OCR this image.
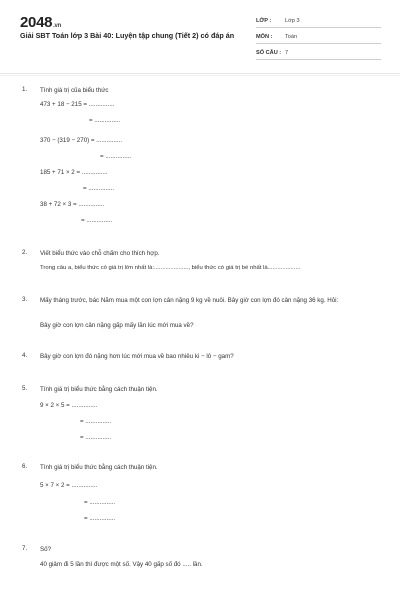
2048.vn
Giải SBT Toán lớp 3 Bài 40: Luyện tập chung (Tiết 2) có đáp án
LỚP : Lớp 3
MÔN : Toán
SỐ CÂU : 7
1. Tính giá trị của biểu thức
473 + 18 − 215 = ...............
= ...............
370 − (319 − 270) = ...............
= ...............
185 + 71 × 2 = ...............
= ...............
38 + 72 × 3 = ...............
= ...............
2. Viết biểu thức vào chỗ chấm cho thích hợp.
Trong câu a, biểu thức có giá trị lớn nhất là:....................., biểu thức có giá trị bé nhất là....................
3. Mấy tháng trước, bác Năm mua một con lợn cân nặng 9 kg về nuôi. Bây giờ con lợn đó cân nặng 36 kg. Hỏi:
Bây giờ con lợn cân nặng gấp mấy lần lúc mới mua về?
4. Bây giờ con lợn đó nặng hơn lúc mới mua về bao nhiêu ki − lô − gam?
5. Tính giá trị biểu thức bằng cách thuận tiện.
9 × 2 × 5 = ...............
= ...............
= ...............
6. Tính giá trị biểu thức bằng cách thuận tiện.
5 × 7 × 2 = ...............
= ...............
= ...............
7. Số?
40 giảm đi 5 lần thì được một số. Vậy 40 gấp số đó ..... lần.
